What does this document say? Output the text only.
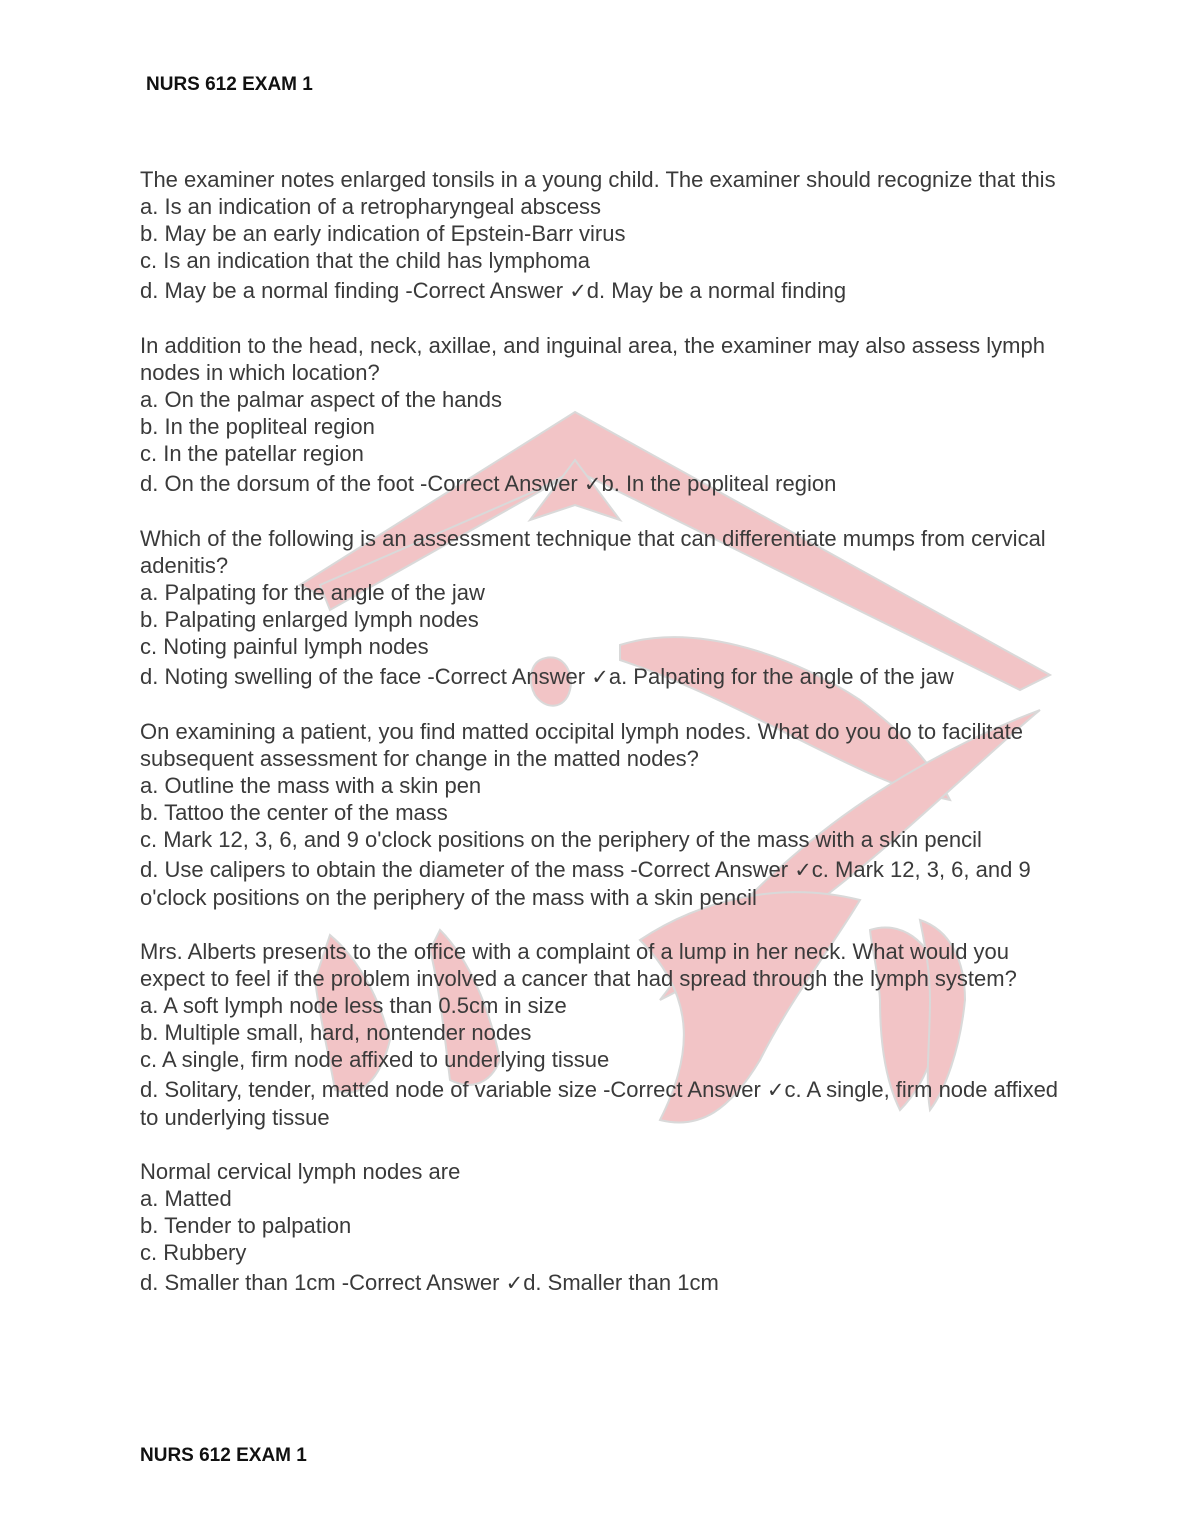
NURS 612 EXAM 1
The examiner notes enlarged tonsils in a young child. The examiner should recognize that this
a. Is an indication of a retropharyngeal abscess
b. May be an early indication of Epstein-Barr virus
c. Is an indication that the child has lymphoma
d. May be a normal finding -Correct Answer ✓d. May be a normal finding
In addition to the head, neck, axillae, and inguinal area, the examiner may also assess lymph nodes in which location?
a. On the palmar aspect of the hands
b. In the popliteal region
c. In the patellar region
d. On the dorsum of the foot -Correct Answer ✓b. In the popliteal region
Which of the following is an assessment technique that can differentiate mumps from cervical adenitis?
a. Palpating for the angle of the jaw
b. Palpating enlarged lymph nodes
c. Noting painful lymph nodes
d. Noting swelling of the face -Correct Answer ✓a. Palpating for the angle of the jaw
On examining a patient, you find matted occipital lymph nodes. What do you do to facilitate subsequent assessment for change in the matted nodes?
a. Outline the mass with a skin pen
b. Tattoo the center of the mass
c. Mark 12, 3, 6, and 9 o'clock positions on the periphery of the mass with a skin pencil
d. Use calipers to obtain the diameter of the mass -Correct Answer ✓c. Mark 12, 3, 6, and 9 o'clock positions on the periphery of the mass with a skin pencil
Mrs. Alberts presents to the office with a complaint of a lump in her neck. What would you expect to feel if the problem involved a cancer that had spread through the lymph system?
a. A soft lymph node less than 0.5cm in size
b. Multiple small, hard, nontender nodes
c. A single, firm node affixed to underlying tissue
d. Solitary, tender, matted node of variable size -Correct Answer ✓c. A single, firm node affixed to underlying tissue
Normal cervical lymph nodes are
a. Matted
b. Tender to palpation
c. Rubbery
d. Smaller than 1cm -Correct Answer ✓d. Smaller than 1cm
NURS 612 EXAM 1
